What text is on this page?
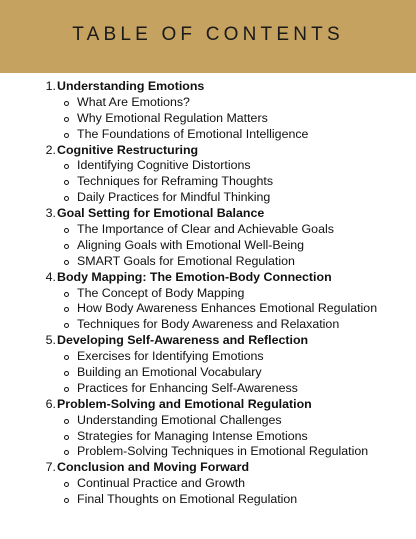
TABLE OF CONTENTS
1. Understanding Emotions
What Are Emotions?
Why Emotional Regulation Matters
The Foundations of Emotional Intelligence
2. Cognitive Restructuring
Identifying Cognitive Distortions
Techniques for Reframing Thoughts
Daily Practices for Mindful Thinking
3. Goal Setting for Emotional Balance
The Importance of Clear and Achievable Goals
Aligning Goals with Emotional Well-Being
SMART Goals for Emotional Regulation
4. Body Mapping: The Emotion-Body Connection
The Concept of Body Mapping
How Body Awareness Enhances Emotional Regulation
Techniques for Body Awareness and Relaxation
5. Developing Self-Awareness and Reflection
Exercises for Identifying Emotions
Building an Emotional Vocabulary
Practices for Enhancing Self-Awareness
6. Problem-Solving and Emotional Regulation
Understanding Emotional Challenges
Strategies for Managing Intense Emotions
Problem-Solving Techniques in Emotional Regulation
7. Conclusion and Moving Forward
Continual Practice and Growth
Final Thoughts on Emotional Regulation
